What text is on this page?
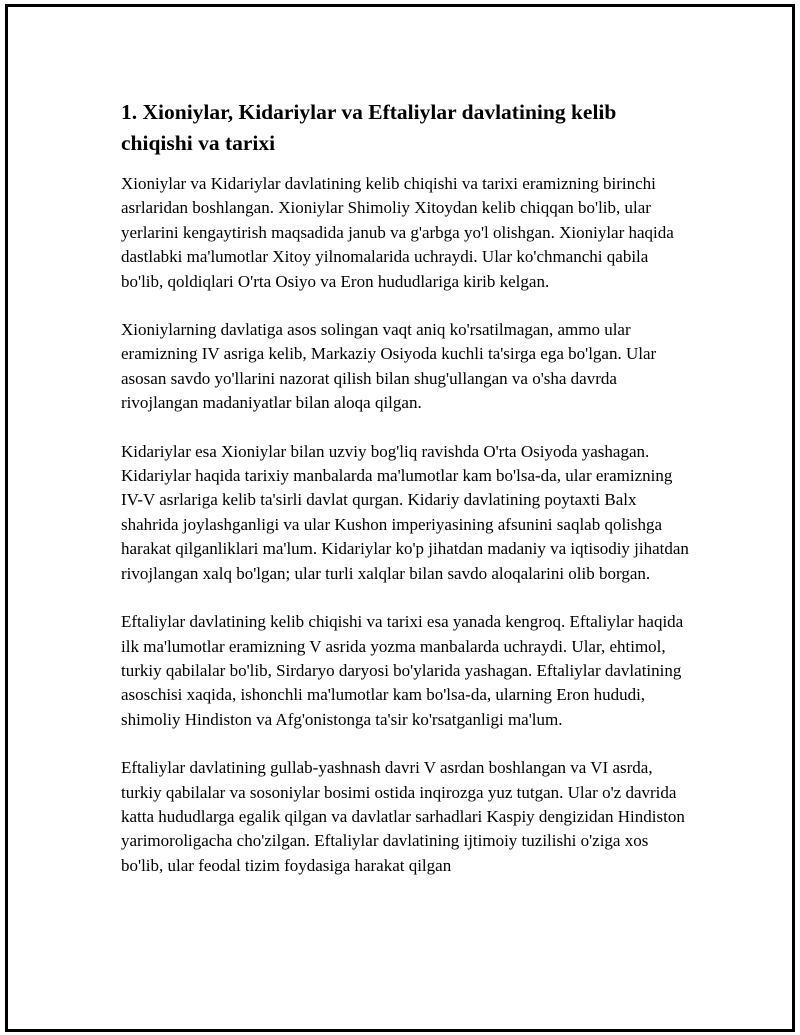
1. Xioniylar, Kidariylar va Eftaliylar davlatining kelib chiqishi va tarixi

Xioniylar va Kidariylar davlatining kelib chiqishi va tarixi eramizning birinchi asrlaridan boshlangan. Xioniylar Shimoliy Xitoydan kelib chiqqan bo'lib, ular yerlarini kengaytirish maqsadida janub va g'arbga yo'l olishgan. Xioniylar haqida dastlabki ma'lumotlar Xitoy yilnomalarida uchraydi. Ular ko'chmanchi qabila bo'lib, qoldiqlari O'rta Osiyo va Eron hududlariga kirib kelgan.

Xioniylarning davlatiga asos solingan vaqt aniq ko'rsatilmagan, ammo ular eramizning IV asriga kelib, Markaziy Osiyoda kuchli ta'sirga ega bo'lgan. Ular asosan savdo yo'llarini nazorat qilish bilan shug'ullangan va o'sha davrda rivojlangan madaniyatlar bilan aloqa qilgan.

Kidariylar esa Xioniylar bilan uzviy bog'liq ravishda O'rta Osiyoda yashagan. Kidariylar haqida tarixiy manbalarda ma'lumotlar kam bo'lsa-da, ular eramizning IV-V asrlariga kelib ta'sirli davlat qurgan. Kidariy davlatining poytaxti Balx shahrida joylashganligi va ular Kushon imperiyasining afsunini saqlab qolishga harakat qilganliklari ma'lum. Kidariylar ko'p jihatdan madaniy va iqtisodiy jihatdan rivojlangan xalq bo'lgan; ular turli xalqlar bilan savdo aloqalarini olib borgan.

Eftaliylar davlatining kelib chiqishi va tarixi esa yanada kengroq. Eftaliylar haqida ilk ma'lumotlar eramizning V asrida yozma manbalarda uchraydi. Ular, ehtimol, turkiy qabilalar bo'lib, Sirdaryo daryosi bo'ylarida yashagan. Eftaliylar davlatining asoschisi xaqida, ishonchli ma'lumotlar kam bo'lsa-da, ularning Eron hududi, shimoliy Hindiston va Afg'onistonga ta'sir ko'rsatganligi ma'lum.

Eftaliylar davlatining gullab-yashnash davri V asrdan boshlangan va VI asrda, turkiy qabilalar va sosoniylar bosimi ostida inqirozga yuz tutgan. Ular o'z davrida katta hududlarga egalik qilgan va davlatlar sarhadlari Kaspiy dengizidan Hindiston yarimoroligacha cho'zilgan. Eftaliylar davlatining ijtimoiy tuzilishi o'ziga xos bo'lib, ular feodal tizim foydasiga harakat qilgan
